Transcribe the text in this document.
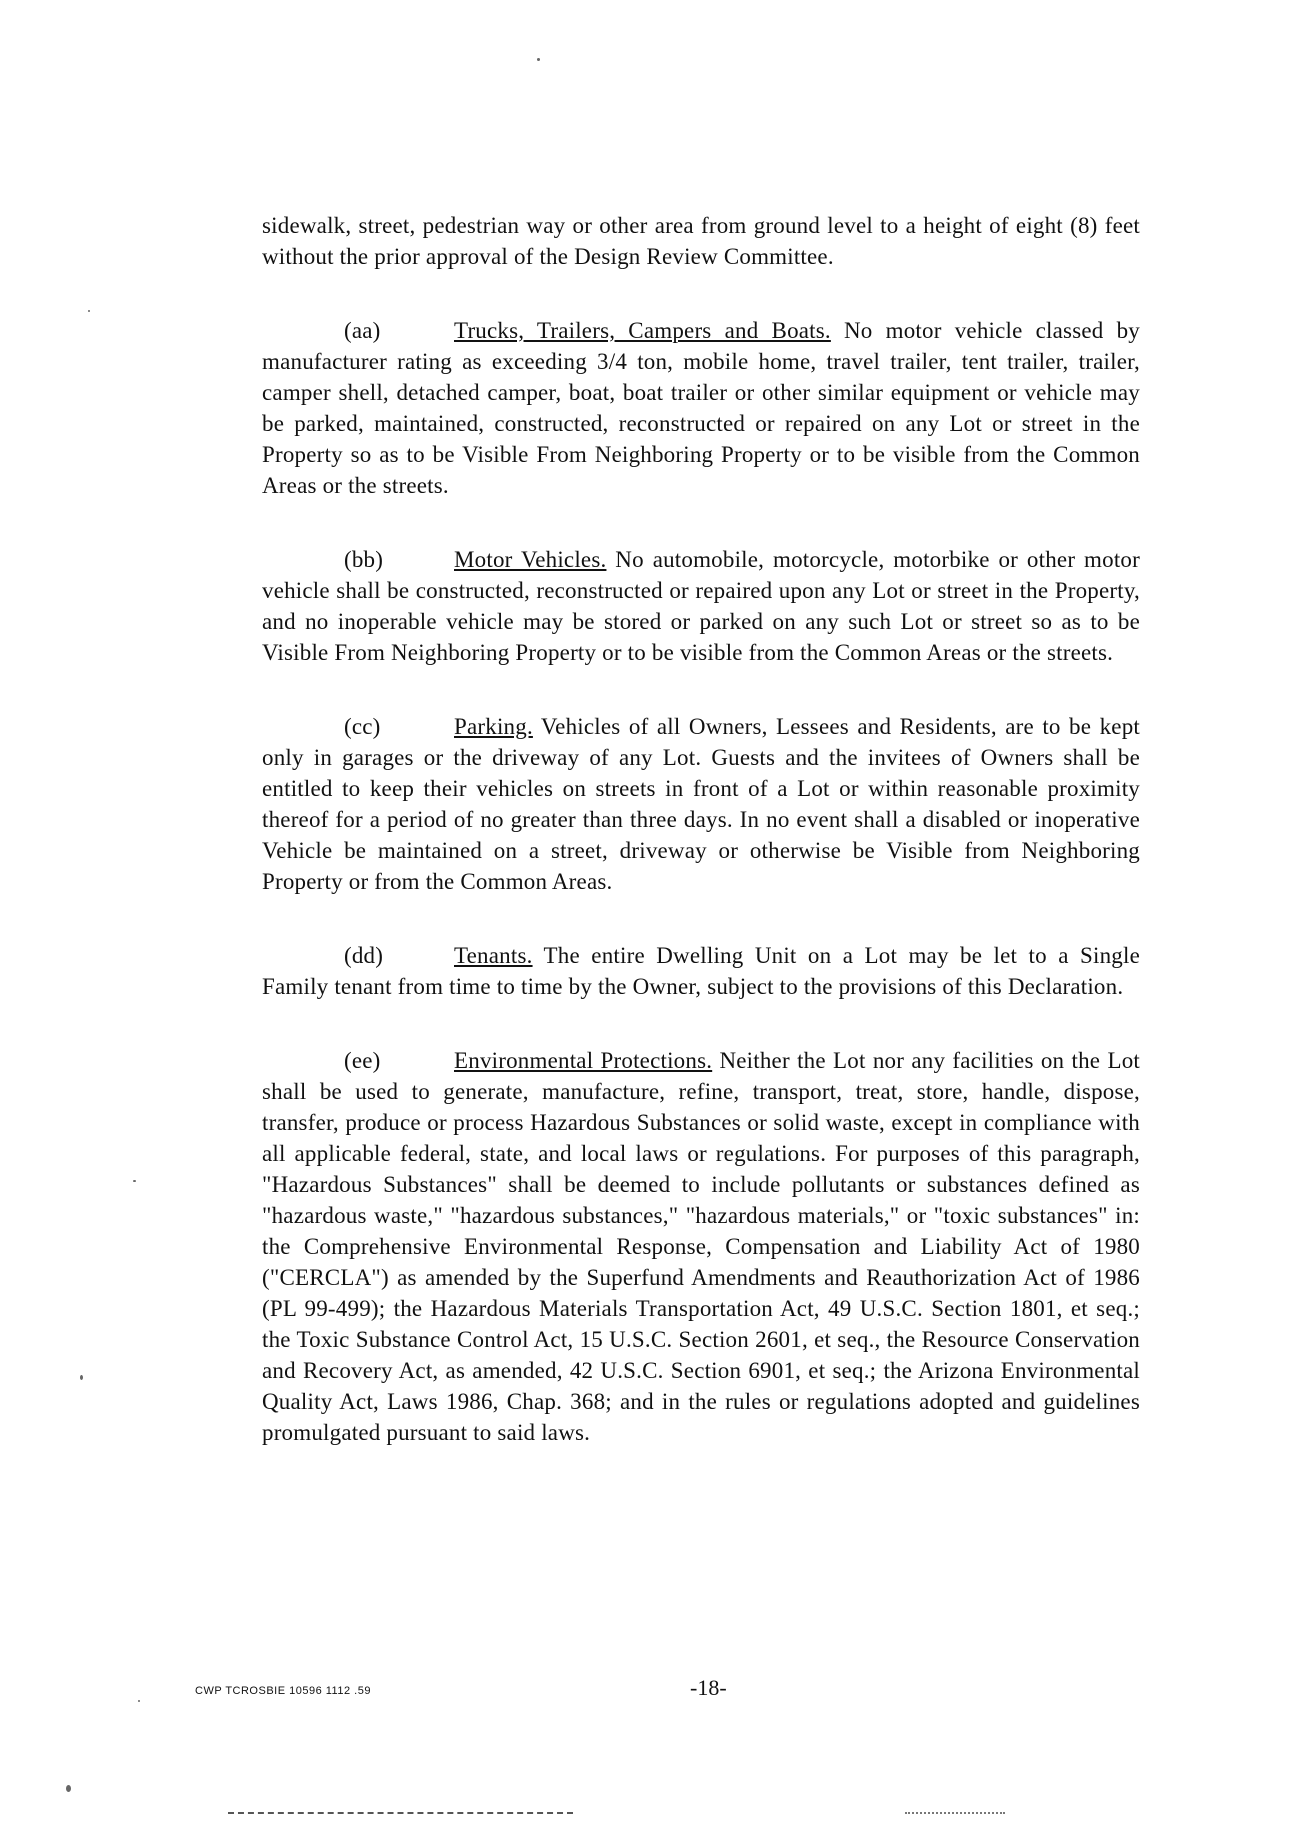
sidewalk, street, pedestrian way or other area from ground level to a height of eight (8) feet without the prior approval of the Design Review Committee.

(aa)	Trucks, Trailers, Campers and Boats. No motor vehicle classed by manufacturer rating as exceeding 3/4 ton, mobile home, travel trailer, tent trailer, trailer, camper shell, detached camper, boat, boat trailer or other similar equipment or vehicle may be parked, maintained, constructed, reconstructed or repaired on any Lot or street in the Property so as to be Visible From Neighboring Property or to be visible from the Common Areas or the streets.

(bb)	Motor Vehicles. No automobile, motorcycle, motorbike or other motor vehicle shall be constructed, reconstructed or repaired upon any Lot or street in the Property, and no inoperable vehicle may be stored or parked on any such Lot or street so as to be Visible From Neighboring Property or to be visible from the Common Areas or the streets.

(cc)	Parking. Vehicles of all Owners, Lessees and Residents, are to be kept only in garages or the driveway of any Lot. Guests and the invitees of Owners shall be entitled to keep their vehicles on streets in front of a Lot or within reasonable proximity thereof for a period of no greater than three days. In no event shall a disabled or inoperative Vehicle be maintained on a street, driveway or otherwise be Visible from Neighboring Property or from the Common Areas.

(dd)	Tenants. The entire Dwelling Unit on a Lot may be let to a Single Family tenant from time to time by the Owner, subject to the provisions of this Declaration.

(ee)	Environmental Protections. Neither the Lot nor any facilities on the Lot shall be used to generate, manufacture, refine, transport, treat, store, handle, dispose, transfer, produce or process Hazardous Substances or solid waste, except in compliance with all applicable federal, state, and local laws or regulations. For purposes of this paragraph, "Hazardous Substances" shall be deemed to include pollutants or substances defined as "hazardous waste," "hazardous substances," "hazardous materials," or "toxic substances" in: the Comprehensive Environmental Response, Compensation and Liability Act of 1980 ("CERCLA") as amended by the Superfund Amendments and Reauthorization Act of 1986 (PL 99-499); the Hazardous Materials Transportation Act, 49 U.S.C. Section 1801, et seq.; the Toxic Substance Control Act, 15 U.S.C. Section 2601, et seq., the Resource Conservation and Recovery Act, as amended, 42 U.S.C. Section 6901, et seq.; the Arizona Environmental Quality Act, Laws 1986, Chap. 368; and in the rules or regulations adopted and guidelines promulgated pursuant to said laws.

CWP TCROSBIE 10596 1112 .59	-18-
